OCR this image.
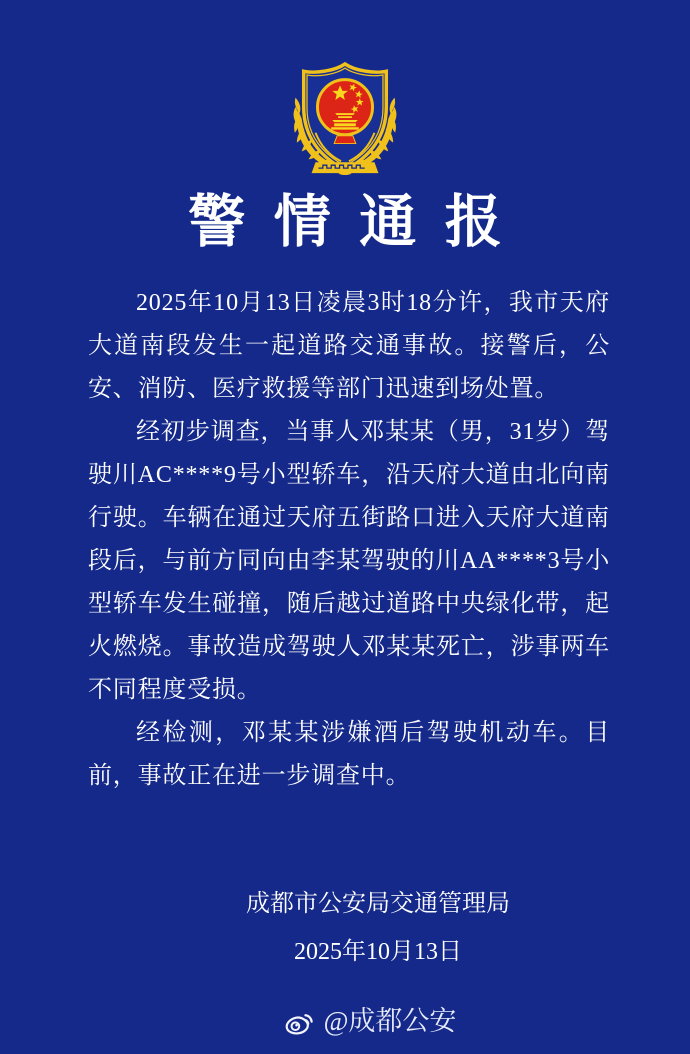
警情通报

2025年10月13日凌晨3时18分许，我市天府大道南段发生一起道路交通事故。接警后，公安、消防、医疗救援等部门迅速到场处置。

经初步调查，当事人邓某某（男，31岁）驾驶川AC****9号小型轿车，沿天府大道由北向南行驶。车辆在通过天府五街路口进入天府大道南段后，与前方同向由李某驾驶的川AA****3号小型轿车发生碰撞，随后越过道路中央绿化带，起火燃烧。事故造成驾驶人邓某某死亡，涉事两车不同程度受损。

经检测，邓某某涉嫌酒后驾驶机动车。目前，事故正在进一步调查中。

成都市公安局交通管理局
2025年10月13日
@成都公安
